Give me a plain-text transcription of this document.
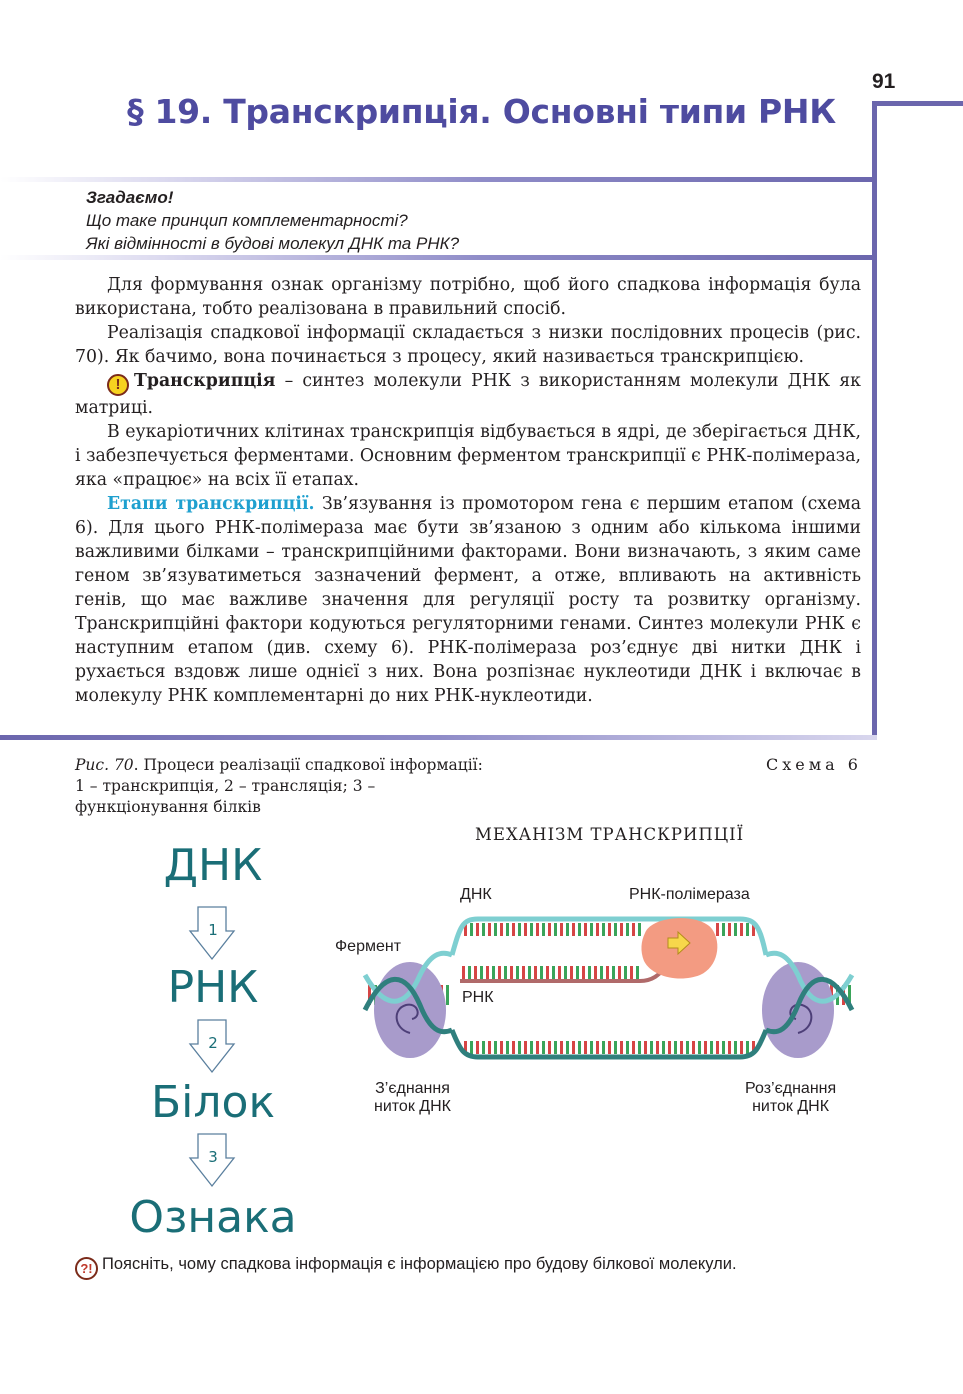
91
§ 19. Транскрипція. Основні типи РНК
Згадаємо!
Що таке принцип комплементарності?
Які відмінності в будові молекул ДНК та РНК?

Для формування ознак організму потрібно, щоб його спадкова інформація була використана, тобто реалізована в правильний спосіб.

Реалізація спадкової інформації складається з низки послідовних процесів (рис. 70). Як бачимо, вона починається з процесу, який називається транскрипцією.

! Транскрипція – синтез молекули РНК з використанням молекули ДНК як матриці.

В еукаріотичних клітинах транскрипція відбувається в ядрі, де зберігається ДНК, і забезпечується ферментами. Основним ферментом транскрипції є РНК-полімераза, яка «працює» на всіх її етапах.

Етапи транскрипції. Зв’язування із промотором гена є першим етапом (схема 6). Для цього РНК-полімераза має бути зв’язаною з одним або кількома іншими важливими білками – транскрипційними факторами. Вони визначають, з яким саме геном зв’язуватиметься зазначений фермент, а отже, впливають на активність генів, що має важливе значення для регуляції росту та розвитку організму. Транскрипційні фактори кодуються регуляторними генами. Синтез молекули РНК є наступним етапом (див. схему 6). РНК-полімераза роз’єднує дві нитки ДНК і рухається вздовж лише однієї з них. Вона розпізнає нуклеотиди ДНК і включає в молекулу РНК комплементарні до них РНК-нуклеотиди.

Рис. 70. Процеси реалізації спадкової інформації: 1 – транскрипція, 2 – трансляція; 3 – функціонування білків
Схема 6
МЕХАНІЗМ ТРАНСКРИПЦІЇ
ДНК
1
РНК
2
Білок
3
Ознака
ДНК	РНК-полімераза
Фермент
РНК
З’єднання
ниток ДНК
Роз’єднання
ниток ДНК
?! Поясніть, чому спадкова інформація є інформацією про будову білкової молекули.
